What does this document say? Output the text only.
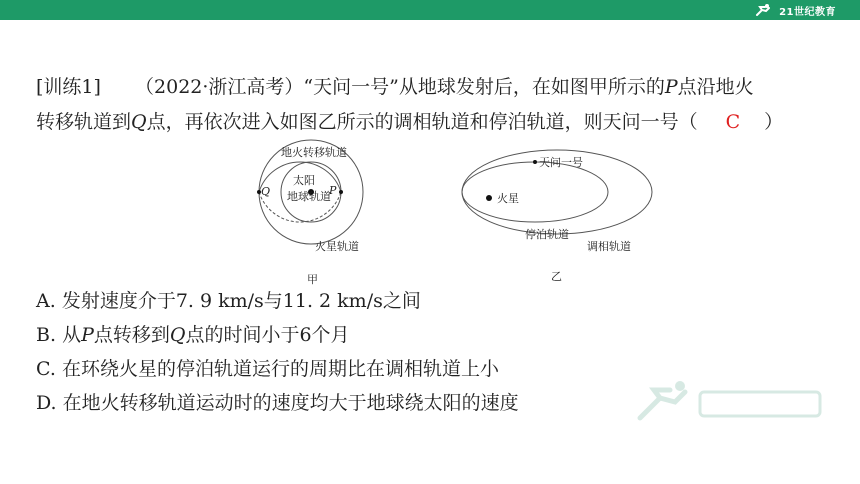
21世纪教育
[训练1] （2022·浙江高考）“天问一号”从地球发射后，在如图甲所示的P点沿地火
转移轨道到Q点，再依次进入如图乙所示的调相轨道和停泊轨道，则天问一号（ C ）
太阳
P
Q
地火转移轨道
地球轨道
火星轨道
甲
火星
天问一号
停泊轨道
调相轨道
乙
A. 发射速度介于7. 9 km/s与11. 2 km/s之间
B. 从P点转移到Q点的时间小于6个月
C. 在环绕火星的停泊轨道运行的周期比在调相轨道上小
D. 在地火转移轨道运动时的速度均大于地球绕太阳的速度
